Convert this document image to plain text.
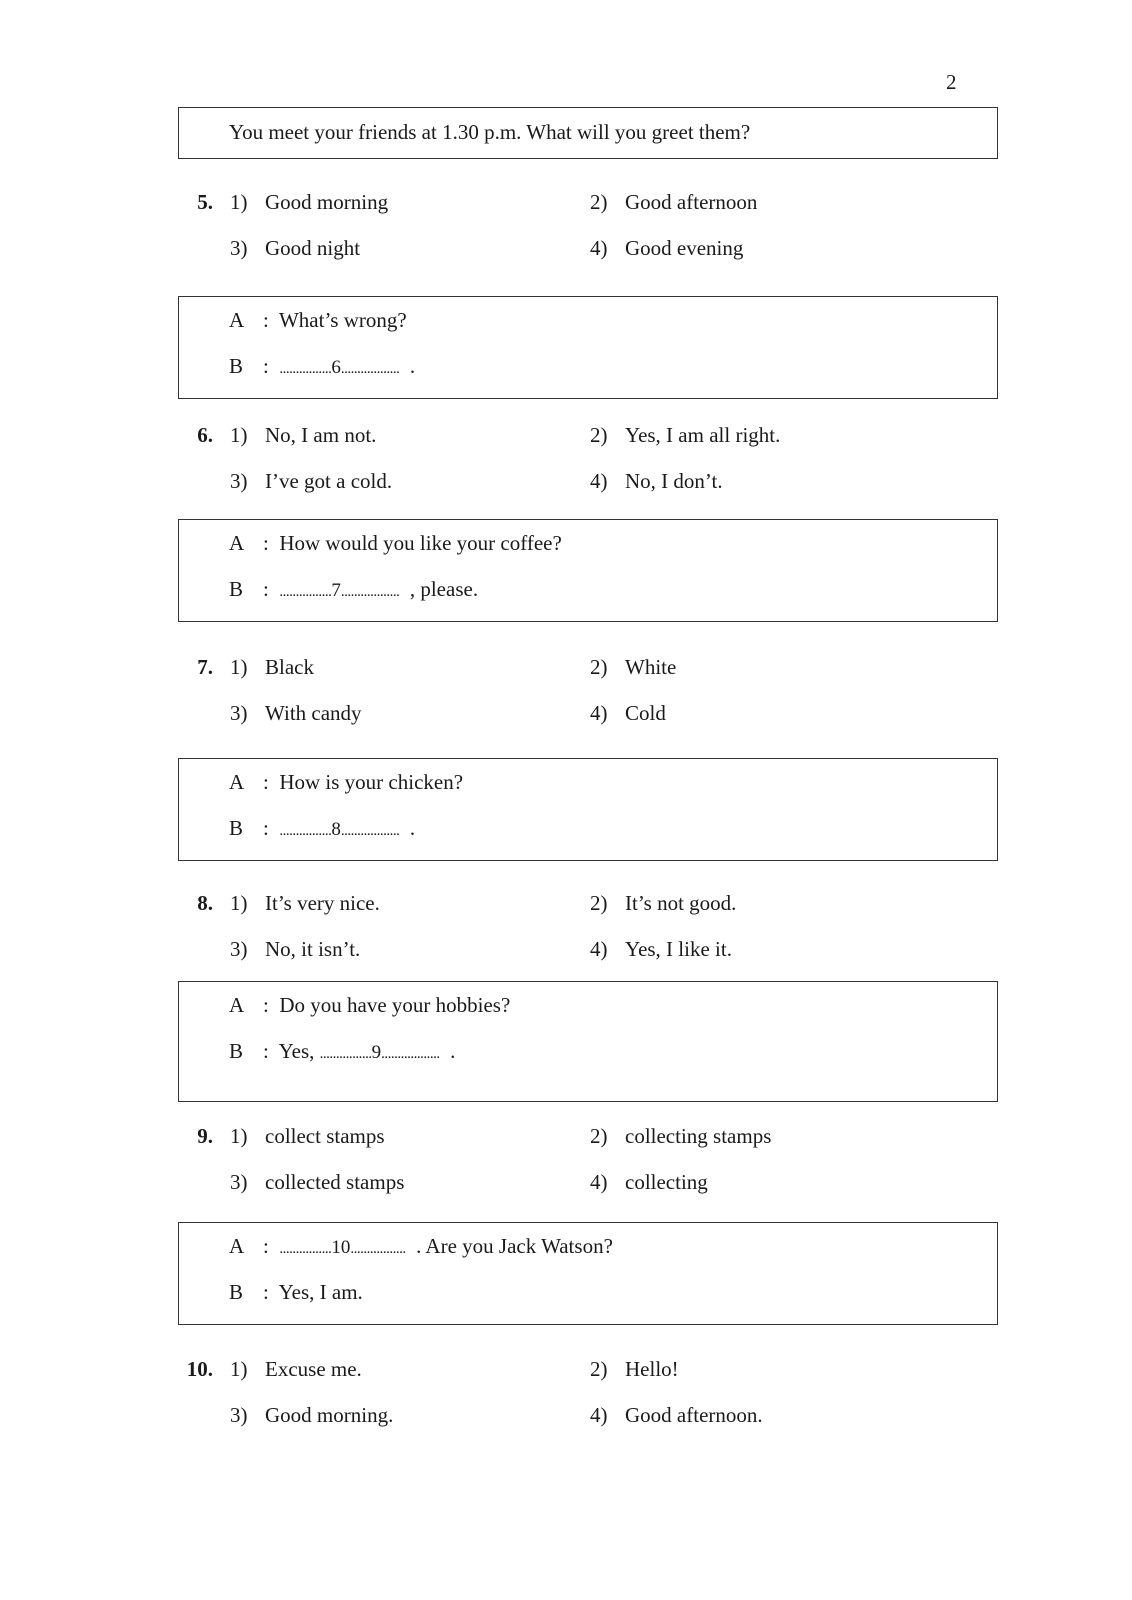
2
You meet your friends at 1.30 p.m. What will you greet them?
5. 1) Good morning	2) Good afternoon
3) Good night	4) Good evening
A : What’s wrong?
B : ................6.................. .
6. 1) No, I am not.	2) Yes, I am all right.
3) I’ve got a cold.	4) No, I don’t.
A : How would you like your coffee?
B : ................7.................. , please.
7. 1) Black	2) White
3) With candy	4) Cold
A : How is your chicken?
B : ................8.................. .
8. 1) It’s very nice.	2) It’s not good.
3) No, it isn’t.	4) Yes, I like it.
A : Do you have your hobbies?
B : Yes, ................9.................. .
9. 1) collect stamps	2) collecting stamps
3) collected stamps	4) collecting
A : ................10................. . Are you Jack Watson?
B : Yes, I am.
10. 1) Excuse me.	2) Hello!
3) Good morning.	4) Good afternoon.
